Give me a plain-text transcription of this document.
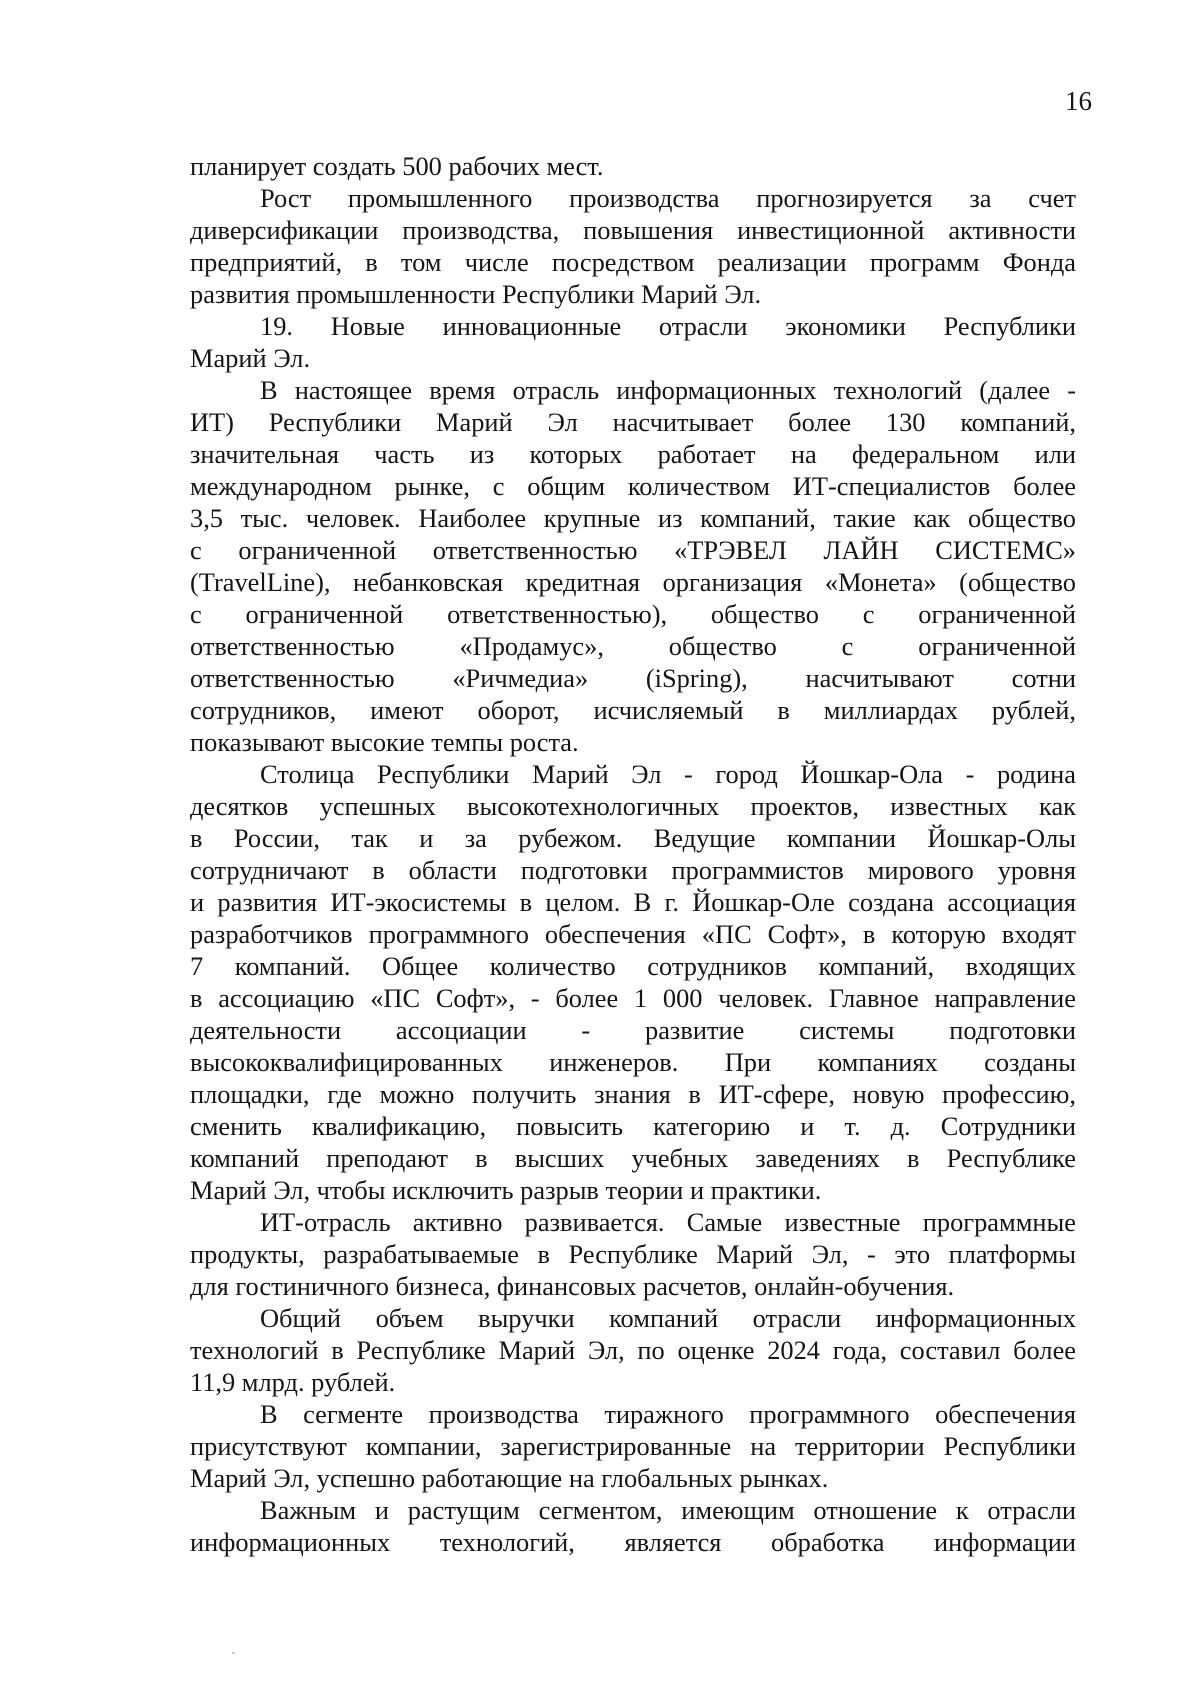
16
планирует создать 500 рабочих мест.
Рост промышленного производства прогнозируется за счет
диверсификации производства, повышения инвестиционной активности
предприятий, в том числе посредством реализации программ Фонда
развития промышленности Республики Марий Эл.
19. Новые инновационные отрасли экономики Республики
Марий Эл.
В настоящее время отрасль информационных технологий (далее -
ИТ) Республики Марий Эл насчитывает более 130 компаний,
значительная часть из которых работает на федеральном или
международном рынке, с общим количеством ИТ-специалистов более
3,5 тыс. человек. Наиболее крупные из компаний, такие как общество
с ограниченной ответственностью «ТРЭВЕЛ ЛАЙН СИСТЕМС»
(TravelLine), небанковская кредитная организация «Монета» (общество
с ограниченной ответственностью), общество с ограниченной
ответственностью «Продамус», общество с ограниченной
ответственностью «Ричмедиа» (iSpring), насчитывают сотни
сотрудников, имеют оборот, исчисляемый в миллиардах рублей,
показывают высокие темпы роста.
Столица Республики Марий Эл - город Йошкар-Ола - родина
десятков успешных высокотехнологичных проектов, известных как
в России, так и за рубежом. Ведущие компании Йошкар-Олы
сотрудничают в области подготовки программистов мирового уровня
и развития ИТ-экосистемы в целом. В г. Йошкар-Оле создана ассоциация
разработчиков программного обеспечения «ПС Софт», в которую входят
7 компаний. Общее количество сотрудников компаний, входящих
в ассоциацию «ПС Софт», - более 1 000 человек. Главное направление
деятельности ассоциации - развитие системы подготовки
высококвалифицированных инженеров. При компаниях созданы
площадки, где можно получить знания в ИТ-сфере, новую профессию,
сменить квалификацию, повысить категорию и т. д. Сотрудники
компаний преподают в высших учебных заведениях в Республике
Марий Эл, чтобы исключить разрыв теории и практики.
ИТ-отрасль активно развивается. Самые известные программные
продукты, разрабатываемые в Республике Марий Эл, - это платформы
для гостиничного бизнеса, финансовых расчетов, онлайн-обучения.
Общий объем выручки компаний отрасли информационных
технологий в Республике Марий Эл, по оценке 2024 года, составил более
11,9 млрд. рублей.
В сегменте производства тиражного программного обеспечения
присутствуют компании, зарегистрированные на территории Республики
Марий Эл, успешно работающие на глобальных рынках.
Важным и растущим сегментом, имеющим отношение к отрасли
информационных технологий, является обработка информации
